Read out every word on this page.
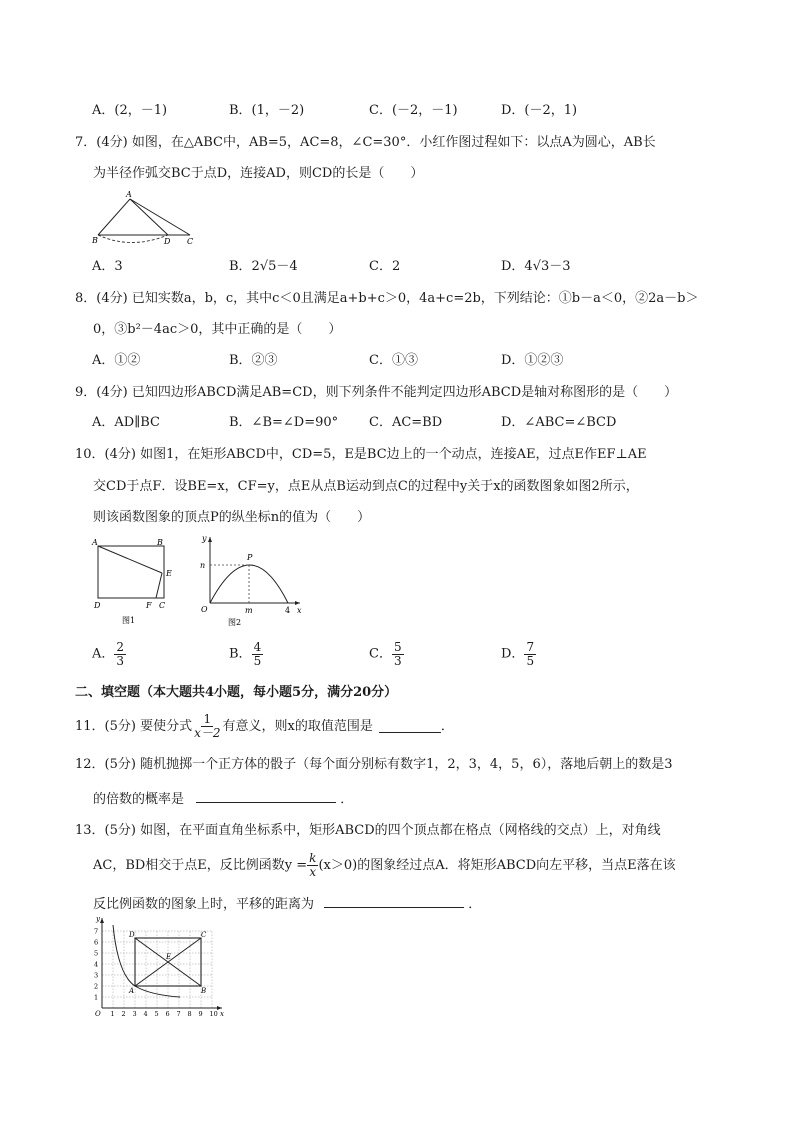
A．(2，－1)	B．(1，－2)	C．(－2，－1)	D．(－2，1)
7．(4分) 如图，在△ABC中，AB=5，AC=8，∠C=30°．小红作图过程如下：以点A为圆心，AB长
为半径作弧交BC于点D，连接AD，则CD的长是（　　）
A
B	D C
A．3	B．2√5－4	C．2	D．4√3－3
8．(4分) 已知实数a，b，c，其中c＜0且满足a+b+c＞0，4a+c=2b，下列结论：①b－a＜0，②2a－b＞
0，③b²－4ac＞0，其中正确的是（　　）
A．①②	B．②③	C．①③	D．①②③
9．(4分) 已知四边形ABCD满足AB=CD，则下列条件不能判定四边形ABCD是轴对称图形的是（　　）
A．AD∥BC	B．∠B=∠D=90° C．AC=BD	D．∠ABC=∠BCD
10．(4分) 如图1，在矩形ABCD中，CD=5，E是BC边上的一个动点，连接AE，过点E作EF⊥AE
交CD于点F．设BE=x，CF=y，点E从点B运动到点C的过程中y关于x的函数图象如图2所示，
则该函数图象的顶点P的纵坐标n的值为（　　）
A	B
E
D	F C
图1
y
n
P
O	m	4 x
图2
A． $\frac{2}{3}$	B． $\frac{4}{5}$	C． $\frac{5}{3}$	D． $\frac{7}{5}$
二、填空题（本大题共4小题，每小题5分，满分20分）
11．(5分) 要使分式 $\frac{1}{x-2}$ 有意义，则x的取值范围是	．
12．(5分) 随机抛掷一个正方体的骰子（每个面分别标有数字1，2，3，4，5，6），落地后朝上的数是3
的倍数的概率是	．
13．(5分) 如图，在平面直角坐标系中，矩形ABCD的四个顶点都在格点（网格线的交点）上，对角线
AC，BD相交于点E，反比例函数$y = \frac{k}{x} (x>0)$的图象经过点A．将矩形ABCD向左平移，当点E落在该
反比例函数的图象上时，平移的距离为	．
1 2 3 4 5 6 7 8 9 10
1
2
3
4
5
6
7
y
x
O
D	C
E
A	B
